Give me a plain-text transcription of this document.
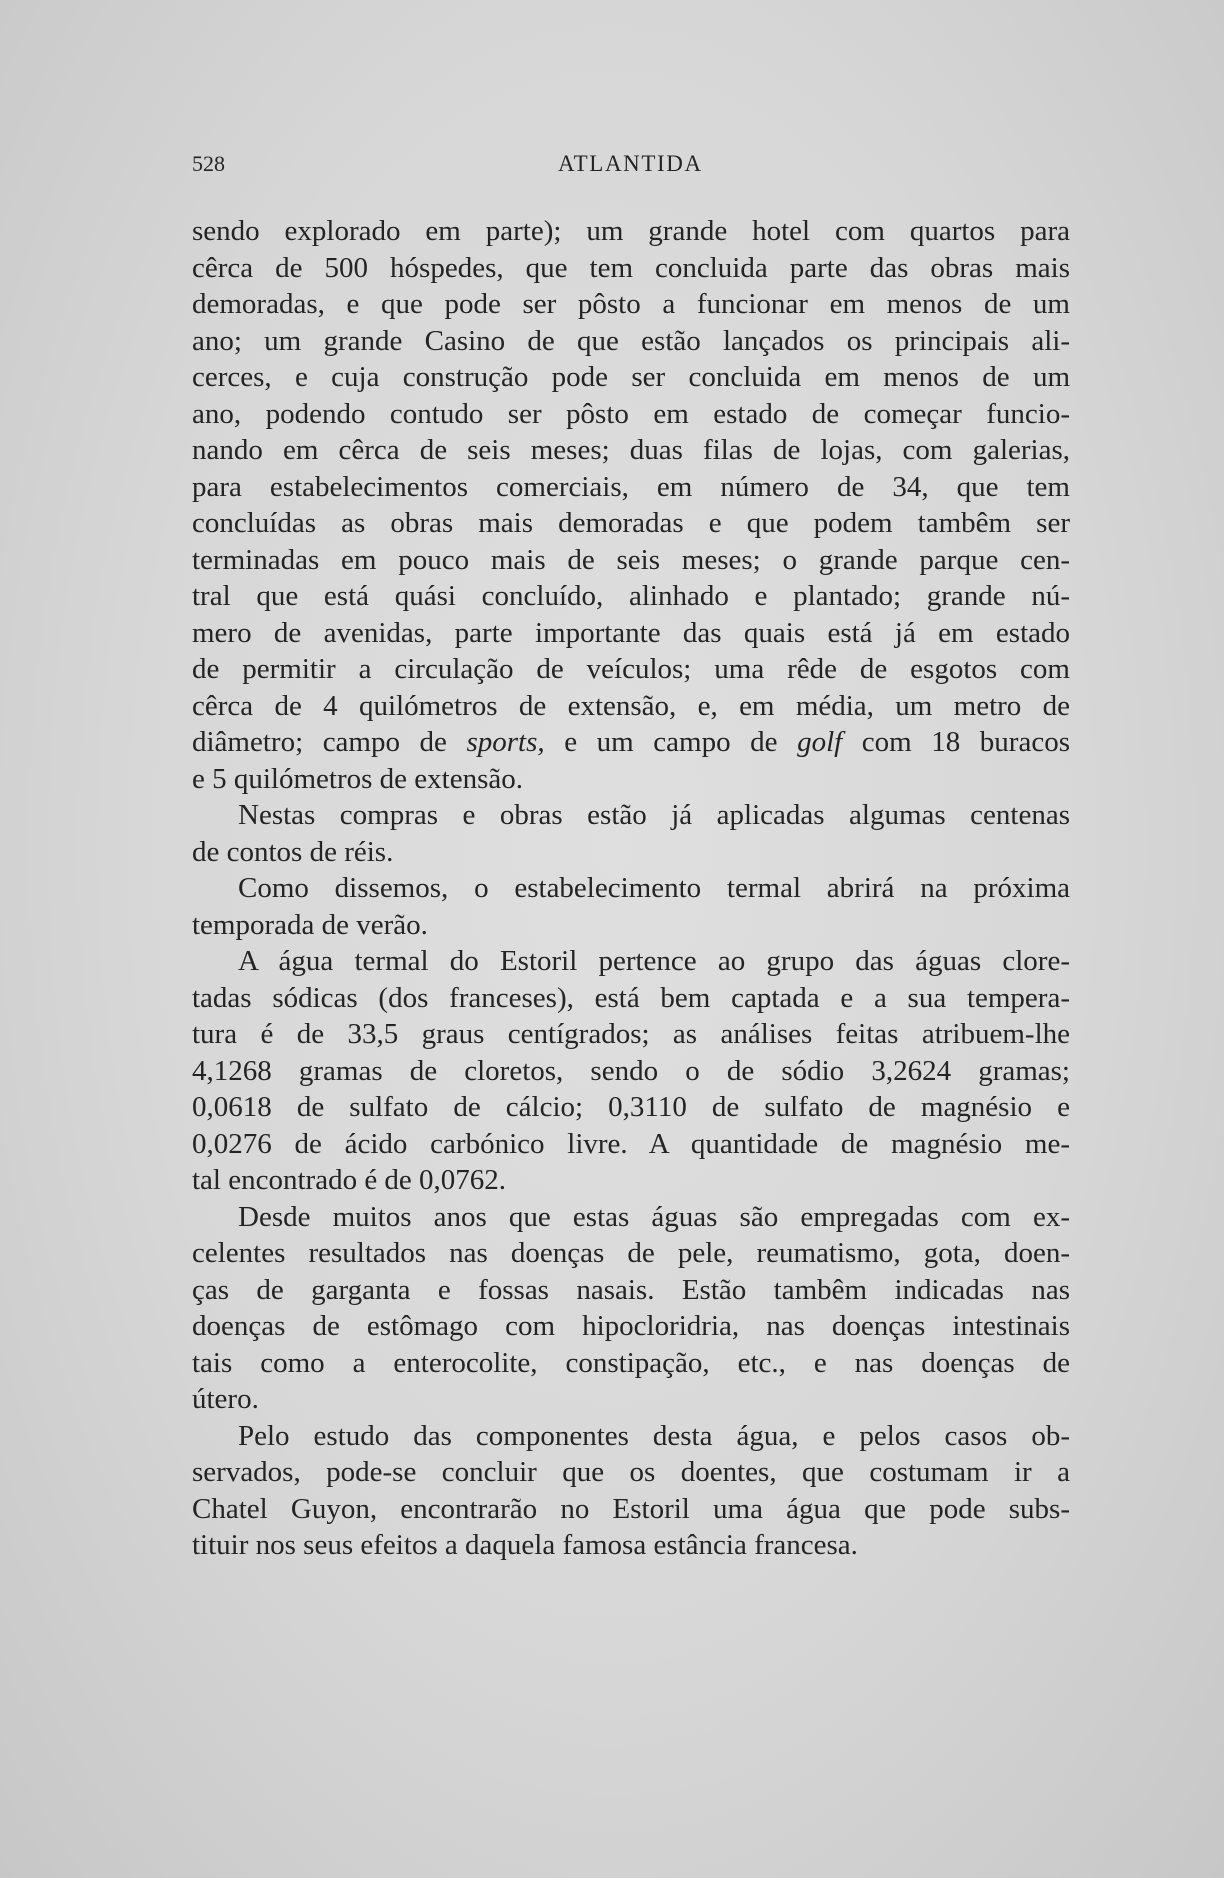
528	ATLANTIDA
sendo explorado em parte); um grande hotel com quartos para
cêrca de 500 hóspedes, que tem concluida parte das obras mais
demoradas, e que pode ser pôsto a funcionar em menos de um
ano; um grande Casino de que estão lançados os principais ali-
cerces, e cuja construção pode ser concluida em menos de um
ano, podendo contudo ser pôsto em estado de começar funcio-
nando em cêrca de seis meses; duas filas de lojas, com galerias,
para estabelecimentos comerciais, em número de 34, que tem
concluídas as obras mais demoradas e que podem tambêm ser
terminadas em pouco mais de seis meses; o grande parque cen-
tral que está quási concluído, alinhado e plantado; grande nú-
mero de avenidas, parte importante das quais está já em estado
de permitir a circulação de veículos; uma rêde de esgotos com
cêrca de 4 quilómetros de extensão, e, em média, um metro de
diâmetro; campo de sports, e um campo de golf com 18 buracos
e 5 quilómetros de extensão.
Nestas compras e obras estão já aplicadas algumas centenas
de contos de réis.
Como dissemos, o estabelecimento termal abrirá na próxima
temporada de verão.
A água termal do Estoril pertence ao grupo das águas clore-
tadas sódicas (dos franceses), está bem captada e a sua tempera-
tura é de 33,5 graus centígrados; as análises feitas atribuem-lhe
4,1268 gramas de cloretos, sendo o de sódio 3,2624 gramas;
0,0618 de sulfato de cálcio; 0,3110 de sulfato de magnésio e
0,0276 de ácido carbónico livre. A quantidade de magnésio me-
tal encontrado é de 0,0762.
Desde muitos anos que estas águas são empregadas com ex-
celentes resultados nas doenças de pele, reumatismo, gota, doen-
ças de garganta e fossas nasais. Estão tambêm indicadas nas
doenças de estômago com hipocloridria, nas doenças intestinais
tais como a enterocolite, constipação, etc., e nas doenças de
útero.
Pelo estudo das componentes desta água, e pelos casos ob-
servados, pode-se concluir que os doentes, que costumam ir a
Chatel Guyon, encontrarão no Estoril uma água que pode subs-
tituir nos seus efeitos a daquela famosa estância francesa.
